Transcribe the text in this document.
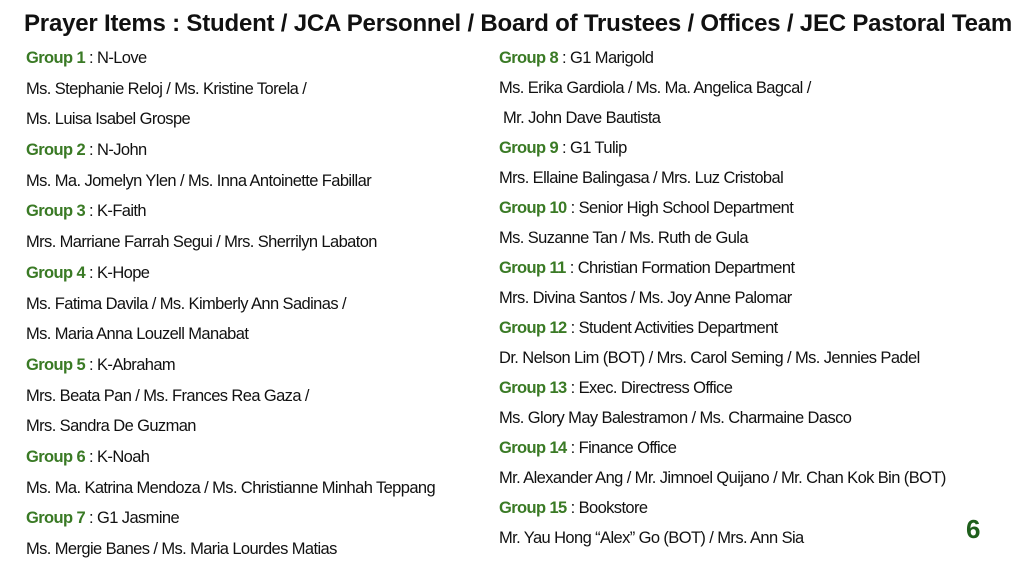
Prayer Items : Student / JCA Personnel / Board of Trustees / Offices / JEC Pastoral Team
Group 1 : N-Love
Ms. Stephanie Reloj / Ms. Kristine Torela /
Ms. Luisa Isabel Grospe
Group 2 : N-John
Ms. Ma. Jomelyn Ylen / Ms. Inna Antoinette Fabillar
Group 3 : K-Faith
Mrs. Marriane Farrah Segui / Mrs. Sherrilyn Labaton
Group 4 : K-Hope
Ms. Fatima Davila / Ms. Kimberly Ann Sadinas /
Ms. Maria Anna Louzell Manabat
Group 5 : K-Abraham
Mrs. Beata Pan / Ms. Frances Rea Gaza /
Mrs. Sandra De Guzman
Group 6 : K-Noah
Ms. Ma. Katrina Mendoza / Ms. Christianne Minhah Teppang
Group 7 : G1 Jasmine
Ms. Mergie Banes / Ms. Maria Lourdes Matias
Group 8 : G1 Marigold
Ms. Erika Gardiola / Ms. Ma. Angelica Bagcal /
Mr. John Dave Bautista
Group 9 : G1 Tulip
Mrs. Ellaine Balingasa / Mrs. Luz Cristobal
Group 10 : Senior High School Department
Ms. Suzanne Tan / Ms. Ruth de Gula
Group 11 : Christian Formation Department
Mrs. Divina Santos / Ms. Joy Anne Palomar
Group 12 : Student Activities Department
Dr. Nelson Lim (BOT) / Mrs. Carol Seming / Ms. Jennies Padel
Group 13 : Exec. Directress Office
Ms. Glory May Balestramon / Ms. Charmaine Dasco
Group 14 : Finance Office
Mr. Alexander Ang / Mr. Jimnoel Quijano / Mr. Chan Kok Bin (BOT)
Group 15 : Bookstore
Mr. Yau Hong “Alex” Go (BOT) / Mrs. Ann Sia	6
